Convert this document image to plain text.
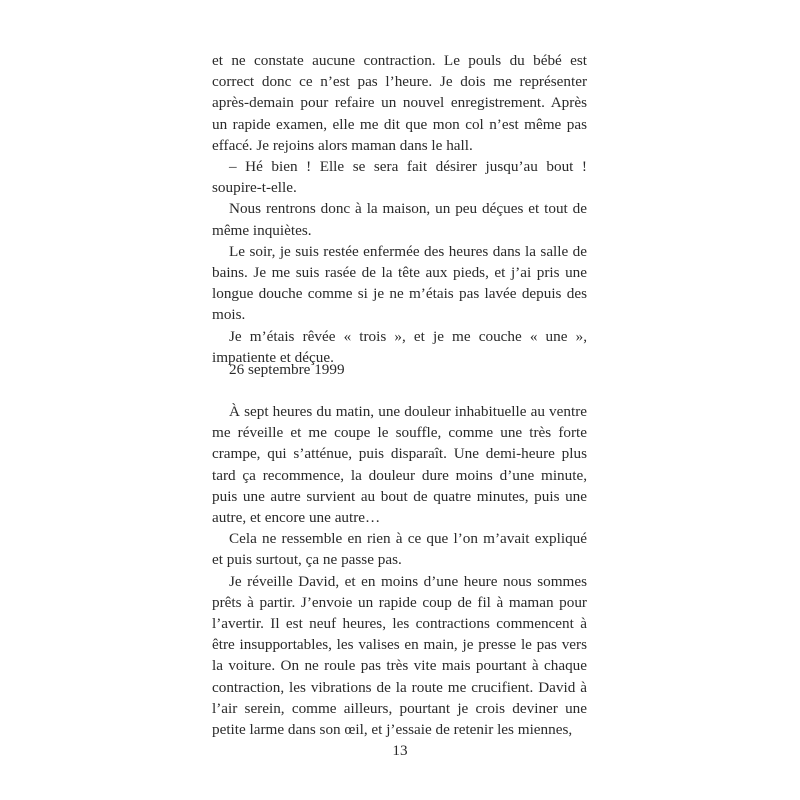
et ne constate aucune contraction. Le pouls du bébé est correct donc ce n’est pas l’heure. Je dois me représenter après-demain pour refaire un nouvel enregistrement. Après un rapide examen, elle me dit que mon col n’est même pas effacé. Je rejoins alors maman dans le hall.

– Hé bien ! Elle se sera fait désirer jusqu’au bout ! soupire-t-elle.

Nous rentrons donc à la maison, un peu déçues et tout de même inquiètes.

Le soir, je suis restée enfermée des heures dans la salle de bains. Je me suis rasée de la tête aux pieds, et j’ai pris une longue douche comme si je ne m’étais pas lavée depuis des mois.

Je m’étais rêvée « trois », et je me couche « une », impatiente et déçue.

26 septembre 1999

À sept heures du matin, une douleur inhabituelle au ventre me réveille et me coupe le souffle, comme une très forte crampe, qui s’atténue, puis disparaît. Une demi-heure plus tard ça recommence, la douleur dure moins d’une minute, puis une autre survient au bout de quatre minutes, puis une autre, et encore une autre…

Cela ne ressemble en rien à ce que l’on m’avait expliqué et puis surtout, ça ne passe pas.

Je réveille David, et en moins d’une heure nous sommes prêts à partir. J’envoie un rapide coup de fil à maman pour l’avertir. Il est neuf heures, les contractions commencent à être insupportables, les valises en main, je presse le pas vers la voiture. On ne roule pas très vite mais pourtant à chaque contraction, les vibrations de la route me crucifient. David à l’air serein, comme ailleurs, pourtant je crois deviner une petite larme dans son œil, et j’essaie de retenir les miennes,

13
